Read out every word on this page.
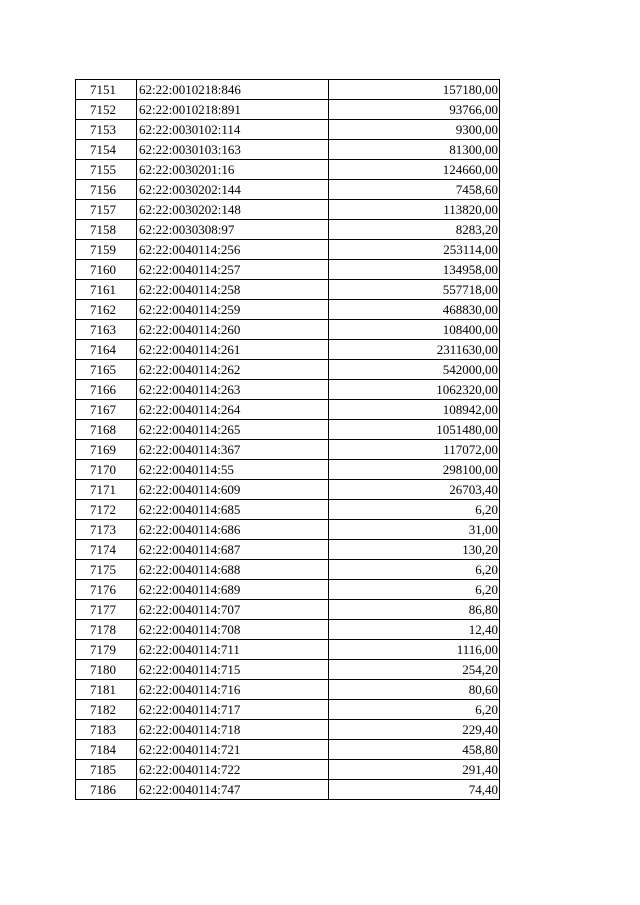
7151	62:22:0010218:846	157180,00
7152	62:22:0010218:891	93766,00
7153	62:22:0030102:114	9300,00
7154	62:22:0030103:163	81300,00
7155	62:22:0030201:16	124660,00
7156	62:22:0030202:144	7458,60
7157	62:22:0030202:148	113820,00
7158	62:22:0030308:97	8283,20
7159	62:22:0040114:256	253114,00
7160	62:22:0040114:257	134958,00
7161	62:22:0040114:258	557718,00
7162	62:22:0040114:259	468830,00
7163	62:22:0040114:260	108400,00
7164	62:22:0040114:261	2311630,00
7165	62:22:0040114:262	542000,00
7166	62:22:0040114:263	1062320,00
7167	62:22:0040114:264	108942,00
7168	62:22:0040114:265	1051480,00
7169	62:22:0040114:367	117072,00
7170	62:22:0040114:55	298100,00
7171	62:22:0040114:609	26703,40
7172	62:22:0040114:685	6,20
7173	62:22:0040114:686	31,00
7174	62:22:0040114:687	130,20
7175	62:22:0040114:688	6,20
7176	62:22:0040114:689	6,20
7177	62:22:0040114:707	86,80
7178	62:22:0040114:708	12,40
7179	62:22:0040114:711	1116,00
7180	62:22:0040114:715	254,20
7181	62:22:0040114:716	80,60
7182	62:22:0040114:717	6,20
7183	62:22:0040114:718	229,40
7184	62:22:0040114:721	458,80
7185	62:22:0040114:722	291,40
7186	62:22:0040114:747	74,40
